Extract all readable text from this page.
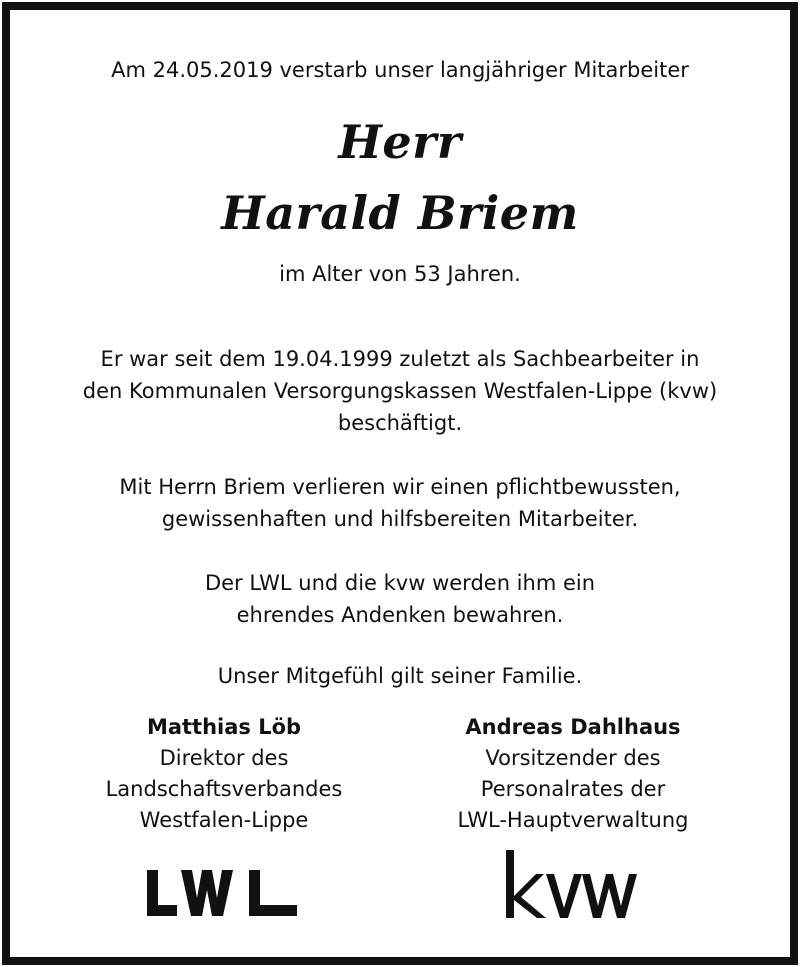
Am 24.05.2019 verstarb unser langjähriger Mitarbeiter
Herr
Harald Briem
im Alter von 53 Jahren.
Er war seit dem 19.04.1999 zuletzt als Sachbearbeiter in
den Kommunalen Versorgungskassen Westfalen-Lippe (kvw)
beschäftigt.
Mit Herrn Briem verlieren wir einen pflichtbewussten,
gewissenhaften und hilfsbereiten Mitarbeiter.
Der LWL und die kvw werden ihm ein
ehrendes Andenken bewahren.
Unser Mitgefühl gilt seiner Familie.
Matthias Löb
Direktor des
Landschaftsverbandes
Westfalen-Lippe
Andreas Dahlhaus
Vorsitzender des
Personalrates der
LWL-Hauptverwaltung
